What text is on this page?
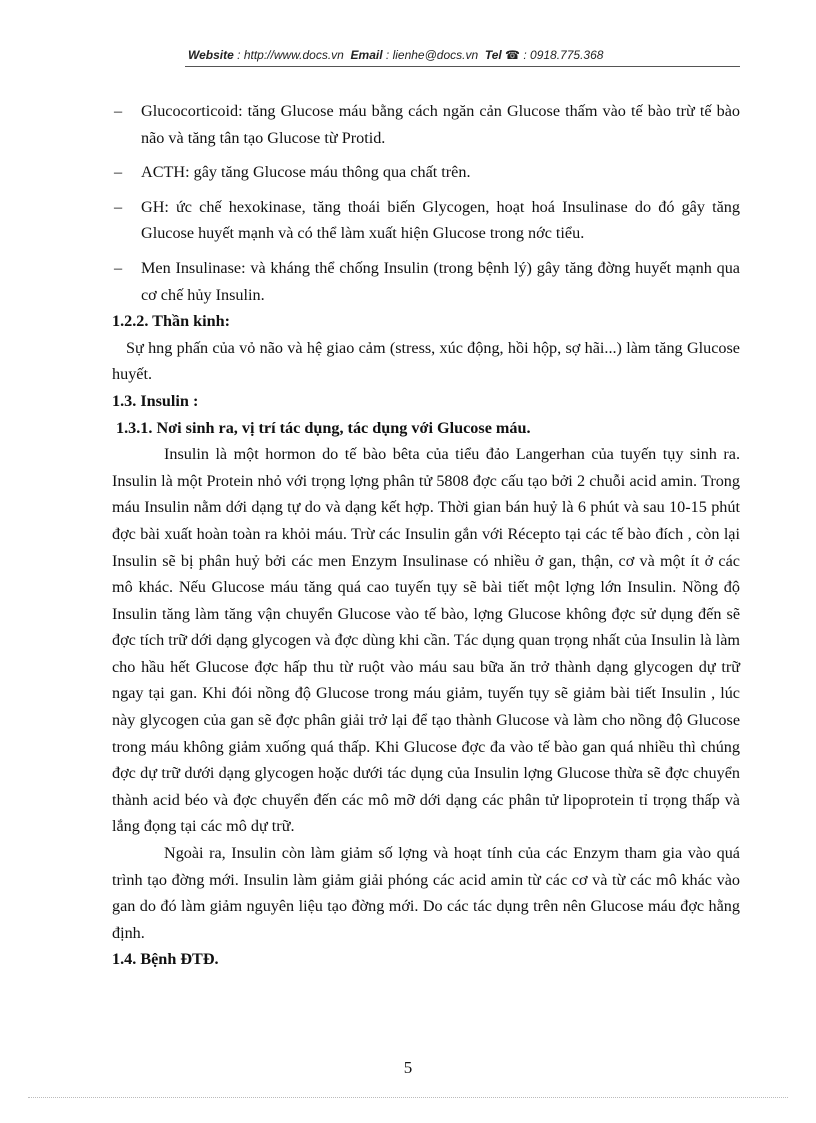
Website : http://www.docs.vn Email : lienhe@docs.vn Tel ☎ : 0918.775.368
– Glucocorticoid: tăng Glucose máu bằng cách ngăn cản Glucose thấm vào tế bào trừ tế bào não và tăng tân tạo Glucose từ Protid.
– ACTH: gây tăng Glucose máu thông qua chất trên.
– GH: ức chế hexokinase, tăng thoái biến Glycogen, hoạt hoá Insulinase do đó gây tăng Glucose huyết mạnh và có thể làm xuất hiện Glucose trong nớc tiểu.
– Men Insulinase: và kháng thể chống Insulin (trong bệnh lý) gây tăng đờng huyết mạnh qua cơ chế hủy Insulin.
1.2.2. Thần kinh:

Sự hng phấn của vỏ não và hệ giao cảm (stress, xúc động, hồi hộp, sợ hãi...) làm tăng Glucose huyết.

1.3. Insulin :
1.3.1. Nơi sinh ra, vị trí tác dụng, tác dụng với Glucose máu.

Insulin là một hormon do tế bào bêta của tiểu đảo Langerhan của tuyến tụy sinh ra. Insulin là một Protein nhỏ với trọng lợng phân tử 5808 đợc cấu tạo bởi 2 chuỗi acid amin. Trong máu Insulin nằm dới dạng tự do và dạng kết hợp. Thời gian bán huỷ là 6 phút và sau 10-15 phút đợc bài xuất hoàn toàn ra khỏi máu. Trừ các Insulin gắn với Récepto tại các tế bào đích , còn lại Insulin sẽ bị phân huỷ bởi các men Enzym Insulinase có nhiều ở gan, thận, cơ và một ít ở các mô khác. Nếu Glucose máu tăng quá cao tuyến tụy sẽ bài tiết một lợng lớn Insulin. Nồng độ Insulin tăng làm tăng vận chuyển Glucose vào tế bào, lợng Glucose không đợc sử dụng đến sẽ đợc tích trữ dới dạng glycogen và đợc dùng khi cần. Tác dụng quan trọng nhất của Insulin là làm cho hầu hết Glucose đợc hấp thu từ ruột vào máu sau bữa ăn trở thành dạng glycogen dự trữ ngay tại gan. Khi đói nồng độ Glucose trong máu giảm, tuyến tụy sẽ giảm bài tiết Insulin , lúc này glycogen của gan sẽ đợc phân giải trở lại để tạo thành Glucose và làm cho nồng độ Glucose trong máu không giảm xuống quá thấp. Khi Glucose đợc đa vào tế bào gan quá nhiều thì chúng đợc dự trữ dưới dạng glycogen hoặc dưới tác dụng của Insulin lợng Glucose thừa sẽ đợc chuyển thành acid béo và đợc chuyển đến các mô mỡ dới dạng các phân tử lipoprotein tỉ trọng thấp và lắng đọng tại các mô dự trữ.

Ngoài ra, Insulin còn làm giảm số lợng và hoạt tính của các Enzym tham gia vào quá trình tạo đờng mới. Insulin làm giảm giải phóng các acid amin từ các cơ và từ các mô khác vào gan do đó làm giảm nguyên liệu tạo đờng mới. Do các tác dụng trên nên Glucose máu đợc hằng định.

1.4. Bệnh ĐTĐ.
5
